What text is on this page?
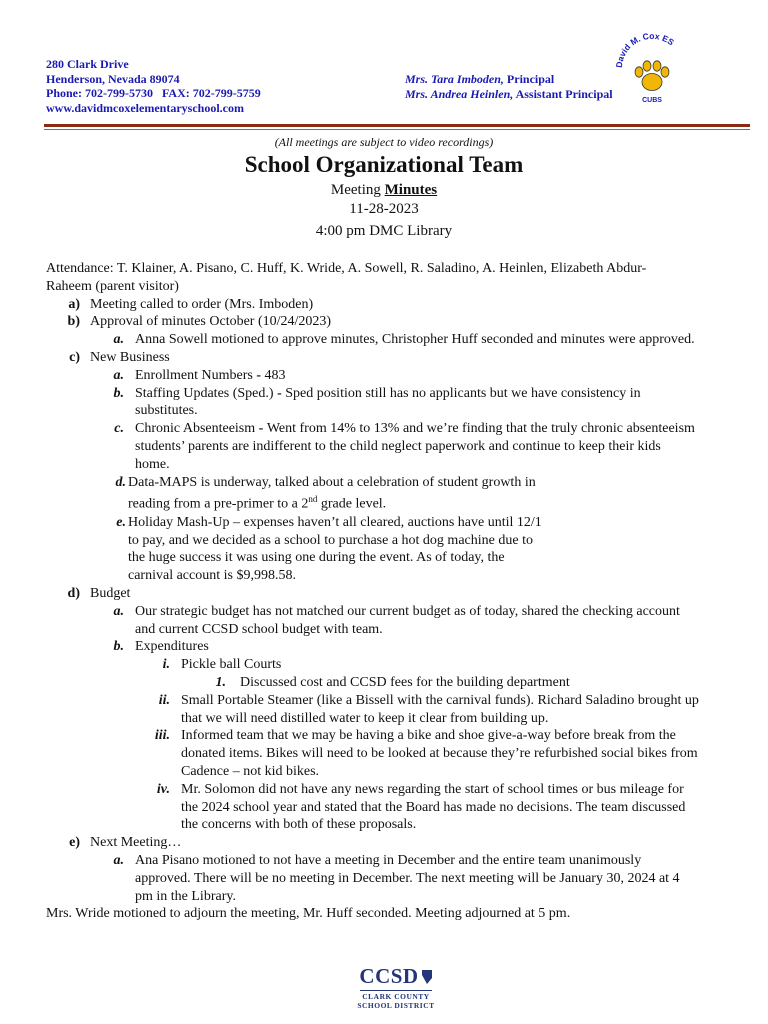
280 Clark Drive
Henderson, Nevada 89074
Phone: 702-799-5730   FAX: 702-799-5759
www.davidmcoxelementaryschool.com
Mrs. Tara Imboden, Principal
Mrs. Andrea Heinlen, Assistant Principal
David M. Cox ES
CUBS
(All meetings are subject to video recordings)
School Organizational Team
Meeting Minutes
11-28-2023
4:00 pm DMC Library
Attendance: T. Klainer, A. Pisano, C. Huff, K. Wride, A. Sowell, R. Saladino, A. Heinlen, Elizabeth Abdur-
Raheem (parent visitor)
a) Meeting called to order (Mrs. Imboden)
b) Approval of minutes October (10/24/2023)
a. Anna Sowell motioned to approve minutes, Christopher Huff seconded and minutes were approved.
c) New Business
a. Enrollment Numbers - 483
b. Staffing Updates (Sped.) - Sped position still has no applicants but we have consistency in
substitutes.
c. Chronic Absenteeism - Went from 14% to 13% and we’re finding that the truly chronic absenteeism
students’ parents are indifferent to the child neglect paperwork and continue to keep their kids
home.
d. Data-MAPS is underway, talked about a celebration of student growth in
reading from a pre-primer to a 2nd grade level.
e. Holiday Mash-Up – expenses haven’t all cleared, auctions have until 12/1
to pay, and we decided as a school to purchase a hot dog machine due to
the huge success it was using one during the event. As of today, the
carnival account is $9,998.58.
d) Budget
a. Our strategic budget has not matched our current budget as of today, shared the checking account
and current CCSD school budget with team.
b. Expenditures
i. Pickle ball Courts
1. Discussed cost and CCSD fees for the building department
ii. Small Portable Steamer (like a Bissell with the carnival funds). Richard Saladino brought up
that we will need distilled water to keep it clear from building up.
iii. Informed team that we may be having a bike and shoe give-a-way before break from the
donated items. Bikes will need to be looked at because they’re refurbished social bikes from
Cadence – not kid bikes.
iv. Mr. Solomon did not have any news regarding the start of school times or bus mileage for
the 2024 school year and stated that the Board has made no decisions. The team discussed
the concerns with both of these proposals.
e) Next Meeting…
a. Ana Pisano motioned to not have a meeting in December and the entire team unanimously
approved. There will be no meeting in December. The next meeting will be January 30, 2024 at 4
pm in the Library.
Mrs. Wride motioned to adjourn the meeting, Mr. Huff seconded. Meeting adjourned at 5 pm.
CCSD
CLARK COUNTY
SCHOOL DISTRICT
